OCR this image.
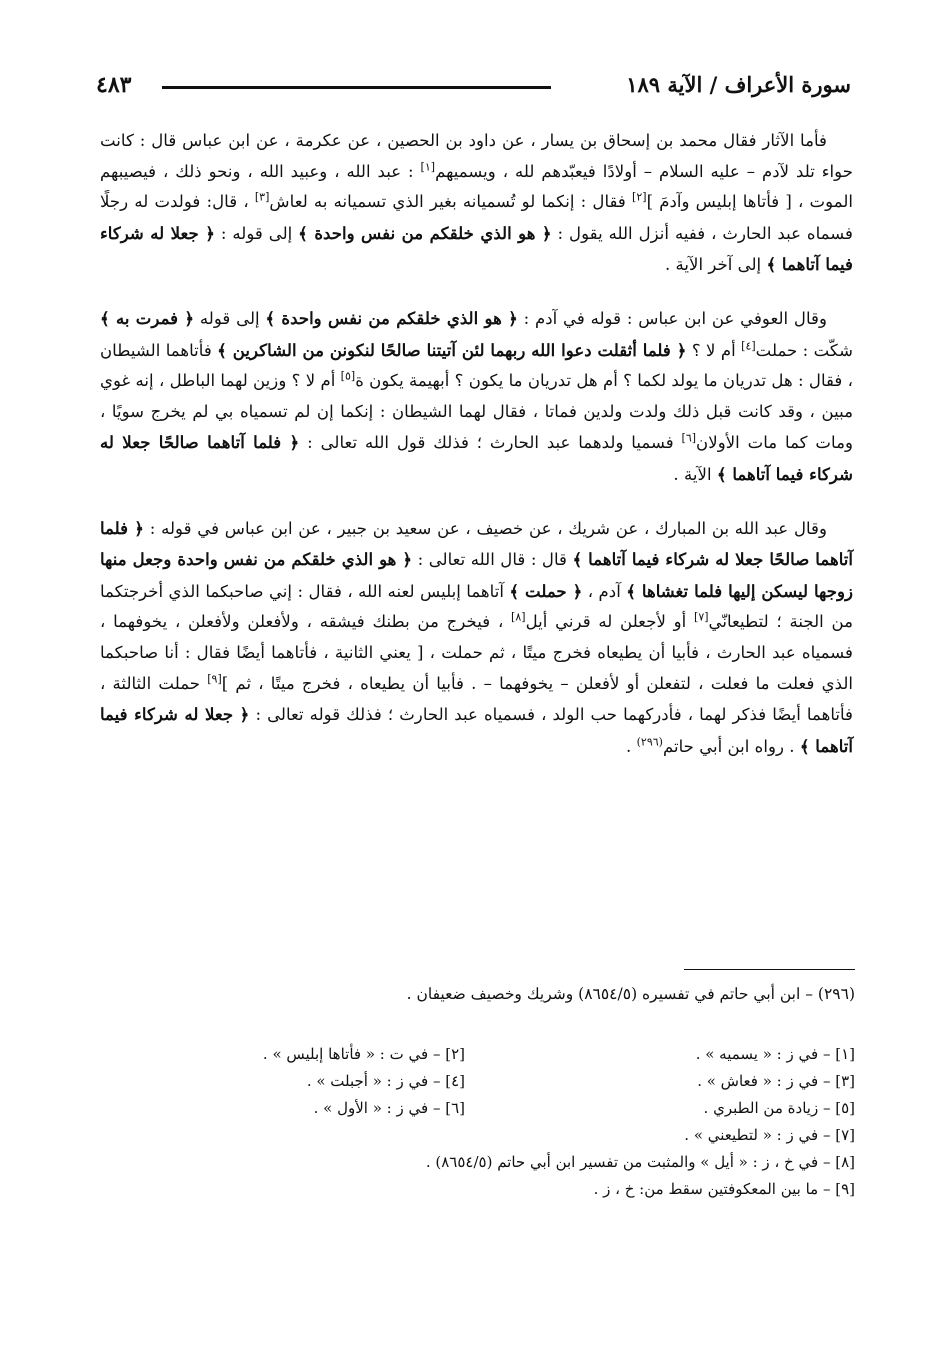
سورة الأعراف / الآية ١٨٩
٤٨٣

فأما الآثار فقال محمد بن إسحاق بن يسار ، عن داود بن الحصين ، عن عكرمة ، عن ابن عباس قال : كانت حواء تلد لآدم – عليه السلام – أولادًا فيعبّدهم لله ، ويسميهم[١] : عبد الله ، وعبيد الله ، ونحو ذلك ، فيصيبهم الموت ، [ فأتاها إبليس وآدمَ ][٢] فقال : إنكما لو تُسميانه بغير الذي تسميانه به لعاش[٣] ، قال: فولدت له رجلًا فسماه عبد الحارث ، ففيه أنزل الله يقول : ﴿ هو الذي خلقكم من نفس واحدة ﴾ إلى قوله : ﴿ جعلا له شركاء فيما آتاهما ﴾ إلى آخر الآية .

وقال العوفي عن ابن عباس : قوله في آدم : ﴿ هو الذي خلقكم من نفس واحدة ﴾ إلى قوله ﴿ فمرت به ﴾ شكّت : حملت[٤] أم لا ؟ ﴿ فلما أثقلت دعوا الله ربهما لئن آتيتنا صالحًا لنكونن من الشاكرين ﴾ فأتاهما الشيطان ، فقال : هل تدريان ما يولد لكما ؟ أم هل تدريان ما يكون ؟ أبهيمة يكون ة[٥] أم لا ؟ وزين لهما الباطل ، إنه غوي مبين ، وقد كانت قبل ذلك ولدت ولدين فماتا ، فقال لهما الشيطان : إنكما إن لم تسمياه بي لم يخرج سويًا ، ومات كما مات الأولان[٦] فسميا ولدهما عبد الحارث ؛ فذلك قول الله تعالى : ﴿ فلما آتاهما صالحًا جعلا له شركاء فيما آتاهما ﴾ الآية .

وقال عبد الله بن المبارك ، عن شريك ، عن خصيف ، عن سعيد بن جبير ، عن ابن عباس في قوله : ﴿ فلما آتاهما صالحًا جعلا له شركاء فيما آتاهما ﴾ قال : قال الله تعالى : ﴿ هو الذي خلقكم من نفس واحدة وجعل منها زوجها ليسكن إليها فلما تغشاها ﴾ آدم ، ﴿ حملت ﴾ آتاهما إبليس لعنه الله ، فقال : إني صاحبكما الذي أخرجتكما من الجنة ؛ لتطيعانّي[٧] أو لأجعلن له قرني أيل[٨] ، فيخرج من بطنك فيشقه ، ولأفعلن ولأفعلن ، يخوفهما ، فسمياه عبد الحارث ، فأبيا أن يطيعاه فخرج ميتًا ، ثم حملت ، [ يعني الثانية ، فأتاهما أيضًا فقال : أنا صاحبكما الذي فعلت ما فعلت ، لتفعلن أو لأفعلن – يخوفهما – . فأبيا أن يطيعاه ، فخرج ميتًا ، ثم ][٩] حملت الثالثة ، فأتاهما أيضًا فذكر لهما ، فأدركهما حب الولد ، فسمياه عبد الحارث ؛ فذلك قوله تعالى : ﴿ جعلا له شركاء فيما آتاهما ﴾ . رواه ابن أبي حاتم$^{(٢٩٦)}$ .

(٢٩٦) – ابن أبي حاتم في تفسيره (٨٦٥٤/٥) وشريك وخصيف ضعيفان .
[١] – في ز : « يسميه » .
[٢] – في ت : « فأتاها إبليس » .
[٣] – في ز : « فعاش » .
[٤] – في ز : « أجبلت » .
[٥] – زيادة من الطبري .
[٦] – في ز : « الأول » .
[٧] – في ز : « لتطيعني » .
[٨] – في خ ، ز : « أيل » والمثبت من تفسير ابن أبي حاتم (٨٦٥٤/٥) .
[٩] – ما بين المعكوفتين سقط من: خ ، ز .
